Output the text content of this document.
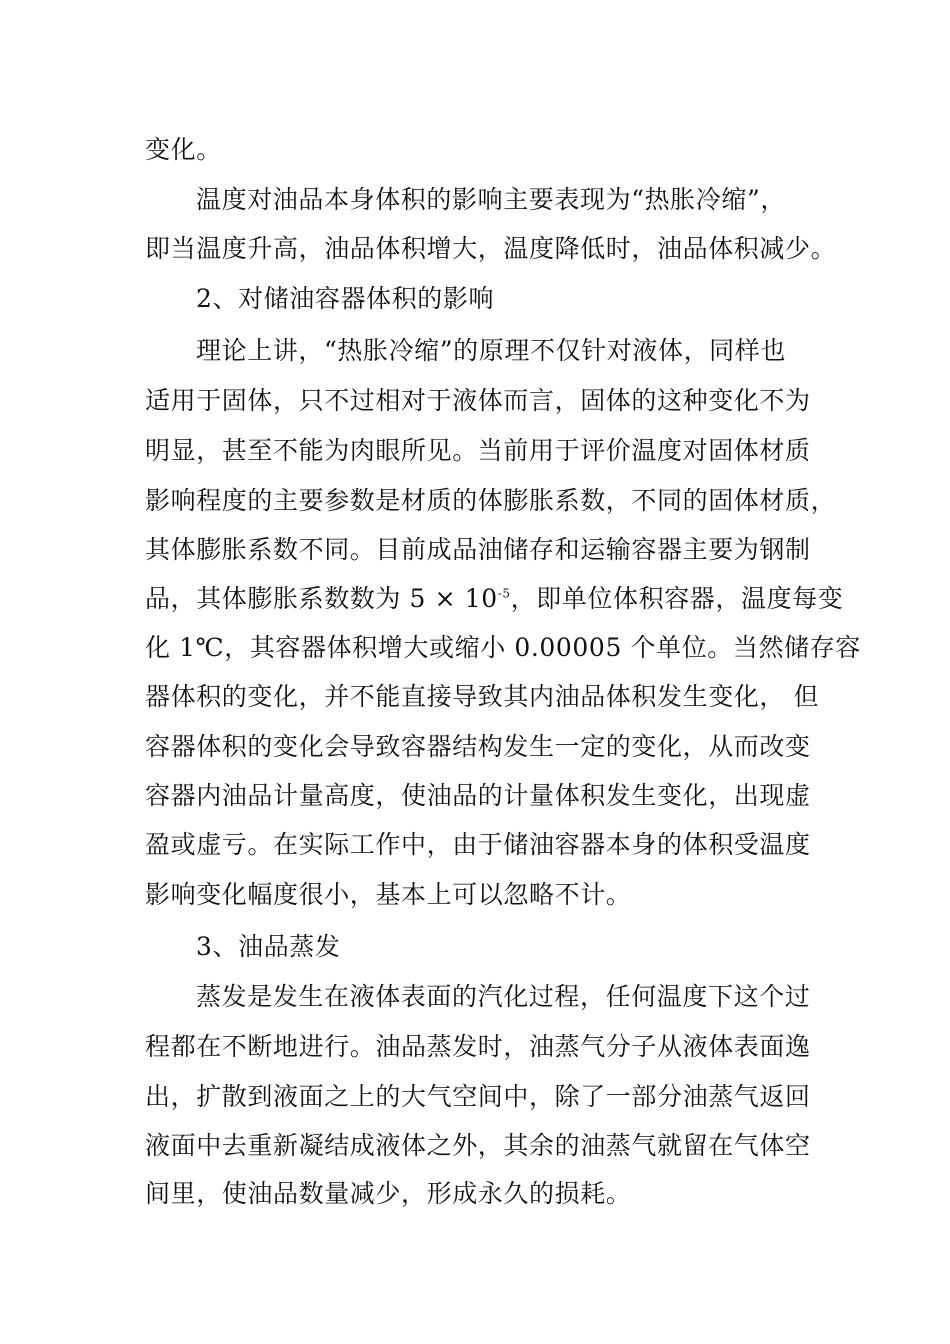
变化。
温度对油品本身体积的影响主要表现为“热胀冷缩”，
即当温度升高，油品体积增大，温度降低时，油品体积减少。
2、对储油容器体积的影响
理论上讲，“热胀冷缩”的原理不仅针对液体，同样也
适用于固体，只不过相对于液体而言，固体的这种变化不为
明显，甚至不能为肉眼所见。当前用于评价温度对固体材质
影响程度的主要参数是材质的体膨胀系数，不同的固体材质，
其体膨胀系数不同。目前成品油储存和运输容器主要为钢制
品，其体膨胀系数数为 $5 \times 10^{-5}$，即单位体积容器，温度每变
化 1℃，其容器体积增大或缩小 0.00005 个单位。当然储存容
器体积的变化，并不能直接导致其内油品体积发生变化， 但
容器体积的变化会导致容器结构发生一定的变化，从而改变
容器内油品计量高度，使油品的计量体积发生变化，出现虚
盈或虚亏。在实际工作中，由于储油容器本身的体积受温度
影响变化幅度很小，基本上可以忽略不计。
3、油品蒸发
蒸发是发生在液体表面的汽化过程，任何温度下这个过
程都在不断地进行。油品蒸发时，油蒸气分子从液体表面逸
出，扩散到液面之上的大气空间中，除了一部分油蒸气返回
液面中去重新凝结成液体之外，其余的油蒸气就留在气体空
间里，使油品数量减少，形成永久的损耗。
